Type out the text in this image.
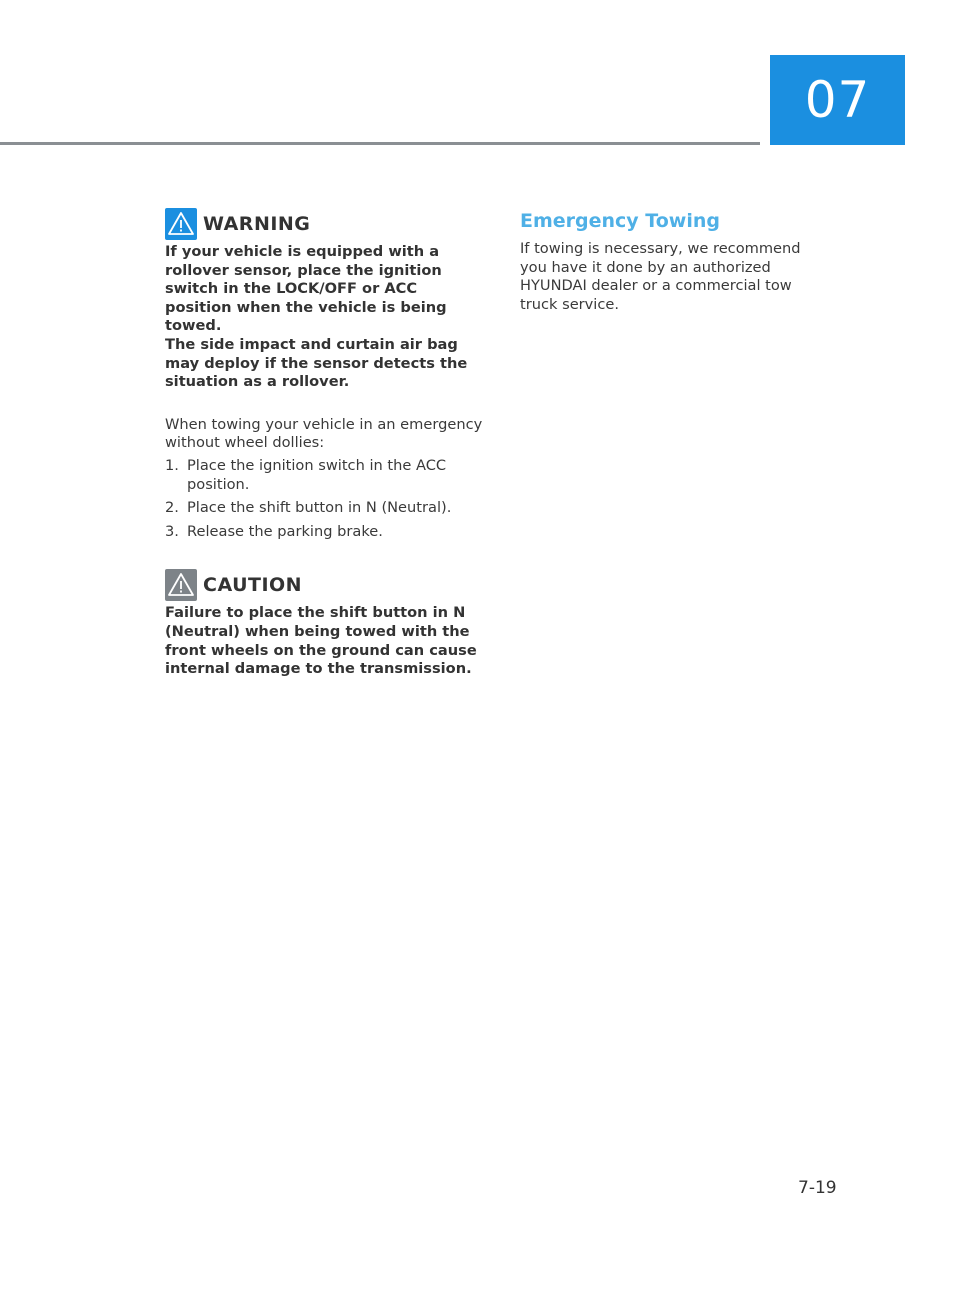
07
WARNING

If your vehicle is equipped with a rollover sensor, place the ignition switch in the LOCK/OFF or ACC position when the vehicle is being towed.

The side impact and curtain air bag may deploy if the sensor detects the situation as a rollover.

When towing your vehicle in an emergency without wheel dollies:
1. Place the ignition switch in the ACC position.
2. Place the shift button in N (Neutral).
3. Release the parking brake.
CAUTION
Failure to place the shift button in N (Neutral) when being towed with the front wheels on the ground can cause internal damage to the transmission.
Emergency Towing
If towing is necessary, we recommend you have it done by an authorized HYUNDAI dealer or a commercial tow truck service.
7-19
